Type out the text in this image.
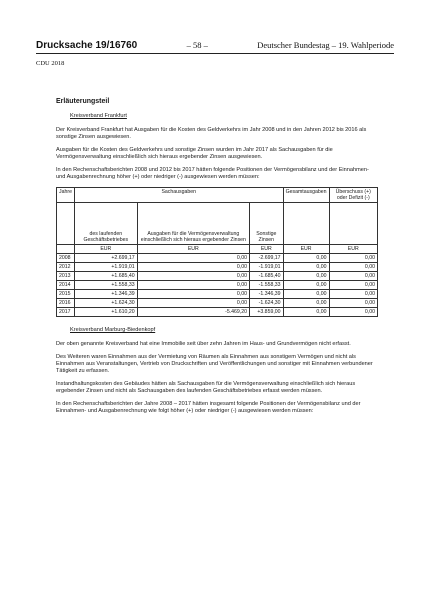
Drucksache 19/16760	– 58 –	Deutscher Bundestag – 19. Wahlperiode
CDU 2018
Erläuterungsteil
Kreisverband Frankfurt

Der Kreisverband Frankfurt hat Ausgaben für die Kosten des Geldverkehrs im Jahr 2008 und in den Jahren 2012 bis 2016 als sonstige Zinsen ausgewiesen.

Ausgaben für die Kosten des Geldverkehrs und sonstige Zinsen wurden im Jahr 2017 als Sachausgaben für die Vermögensverwaltung einschließlich sich hieraus ergebender Zinsen ausgewiesen.

In den Rechenschaftsberichten 2008 und 2012 bis 2017 hätten folgende Positionen der Vermögensbilanz und der Einnahmen- und Ausgabenrechnung höher (+) oder niedriger (-) ausgewiesen werden müssen:

Jahre	Sachausgaben			Gesamtausgaben	Überschuss (+) oder Defizit (-)
	des laufenden Geschäftsbetriebes	Ausgaben für die Vermögensverwaltung einschließlich sich hieraus ergebender Zinsen	Sonstige Zinsen		
	EUR	EUR	EUR	EUR	EUR
2008	+2.699,17	0,00	-2.699,17	0,00	0,00
2012	+1.919,01	0,00	-1.919,01	0,00	0,00
2013	+1.685,40	0,00	-1.685,40	0,00	0,00
2014	+1.558,33	0,00	-1.558,33	0,00	0,00
2015	+1.346,39	0,00	-1.346,39	0,00	0,00
2016	+1.624,30	0,00	-1.624,30	0,00	0,00
2017	+1.610,20	-5.469,20	+3.859,00	0,00	0,00
Kreisverband Marburg-Biedenkopf

Der oben genannte Kreisverband hat eine Immobilie seit über zehn Jahren im Haus- und Grundvermögen nicht erfasst.

Des Weiteren waren Einnahmen aus der Vermietung von Räumen als Einnahmen aus sonstigem Vermögen und nicht als Einnahmen aus Veranstaltungen, Vertrieb von Druckschriften und Veröffentlichungen und sonstiger mit Einnahmen verbundener Tätigkeit zu erfassen.

Instandhaltungskosten des Gebäudes hätten als Sachausgaben für die Vermögensverwaltung einschließlich sich hieraus ergebender Zinsen und nicht als Sachausgaben des laufenden Geschäftsbetriebes erfasst werden müssen.

In den Rechenschaftsberichten der Jahre 2008 – 2017 hätten insgesamt folgende Positionen der Vermögensbilanz und der Einnahmen- und Ausgabenrechnung wie folgt höher (+) oder niedriger (-) ausgewiesen werden müssen:
